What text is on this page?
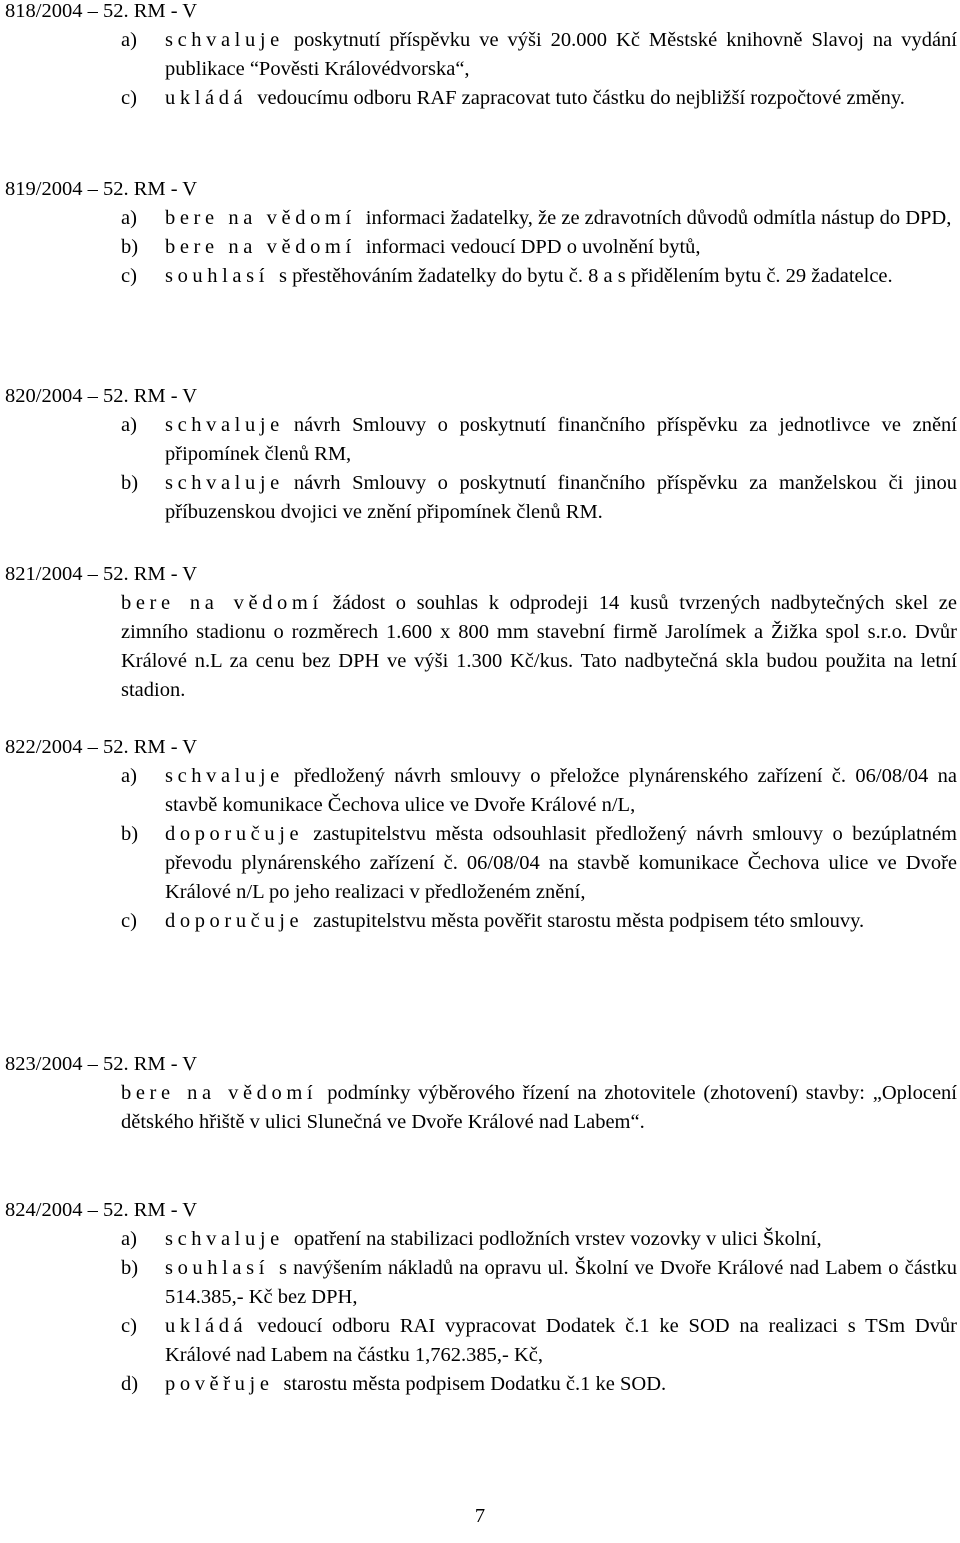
818/2004 – 52. RM - V
a) schvaluje poskytnutí příspěvku ve výši 20.000 Kč Městské knihovně Slavoj na vydání publikace “Pověsti Královédvorska“,
c) ukládá vedoucímu odboru RAF zapracovat tuto částku do nejbližší rozpočtové změny.
819/2004 – 52. RM - V
a) bere na vědomí informaci žadatelky, že ze zdravotních důvodů odmítla nástup do DPD,
b) bere na vědomí informaci vedoucí DPD o uvolnění bytů,
c) souhlasí s přestěhováním žadatelky do bytu č. 8 a s přidělením bytu č. 29 žadatelce.
820/2004 – 52. RM - V
a) schvaluje návrh Smlouvy o poskytnutí finančního příspěvku za jednotlivce ve znění připomínek členů RM,
b) schvaluje návrh Smlouvy o poskytnutí finančního příspěvku za manželskou či jinou příbuzenskou dvojici ve znění připomínek členů RM.
821/2004 – 52. RM - V
bere na vědomí žádost o souhlas k odprodeji 14 kusů tvrzených nadbytečných skel ze zimního stadionu o rozměrech 1.600 x 800 mm stavební firmě Jarolímek a Žižka spol s.r.o. Dvůr Králové n.L za cenu bez DPH ve výši 1.300 Kč/kus. Tato nadbytečná skla budou použita na letní stadion.
822/2004 – 52. RM - V
a) schvaluje předložený návrh smlouvy o přeložce plynárenského zařízení č. 06/08/04 na stavbě komunikace Čechova ulice ve Dvoře Králové n/L,
b) doporučuje zastupitelstvu města odsouhlasit předložený návrh smlouvy o bezúplatném převodu plynárenského zařízení č. 06/08/04 na stavbě komunikace Čechova ulice ve Dvoře Králové n/L po jeho realizaci v předloženém znění,
c) doporučuje zastupitelstvu města pověřit starostu města podpisem této smlouvy.
823/2004 – 52. RM - V
bere na vědomí podmínky výběrového řízení na zhotovitele (zhotovení) stavby: „Oplocení dětského hřiště v ulici Slunečná ve Dvoře Králové nad Labem“.
824/2004 – 52. RM - V
a) schvaluje opatření na stabilizaci podložních vrstev vozovky v ulici Školní,
b) souhlasí s navýšením nákladů na opravu ul. Školní ve Dvoře Králové nad Labem o částku 514.385,- Kč bez DPH,
c) ukládá vedoucí odboru RAI vypracovat Dodatek č.1 ke SOD na realizaci s TSm Dvůr Králové nad Labem na částku 1,762.385,- Kč,
d) pověřuje starostu města podpisem Dodatku č.1 ke SOD.
7
